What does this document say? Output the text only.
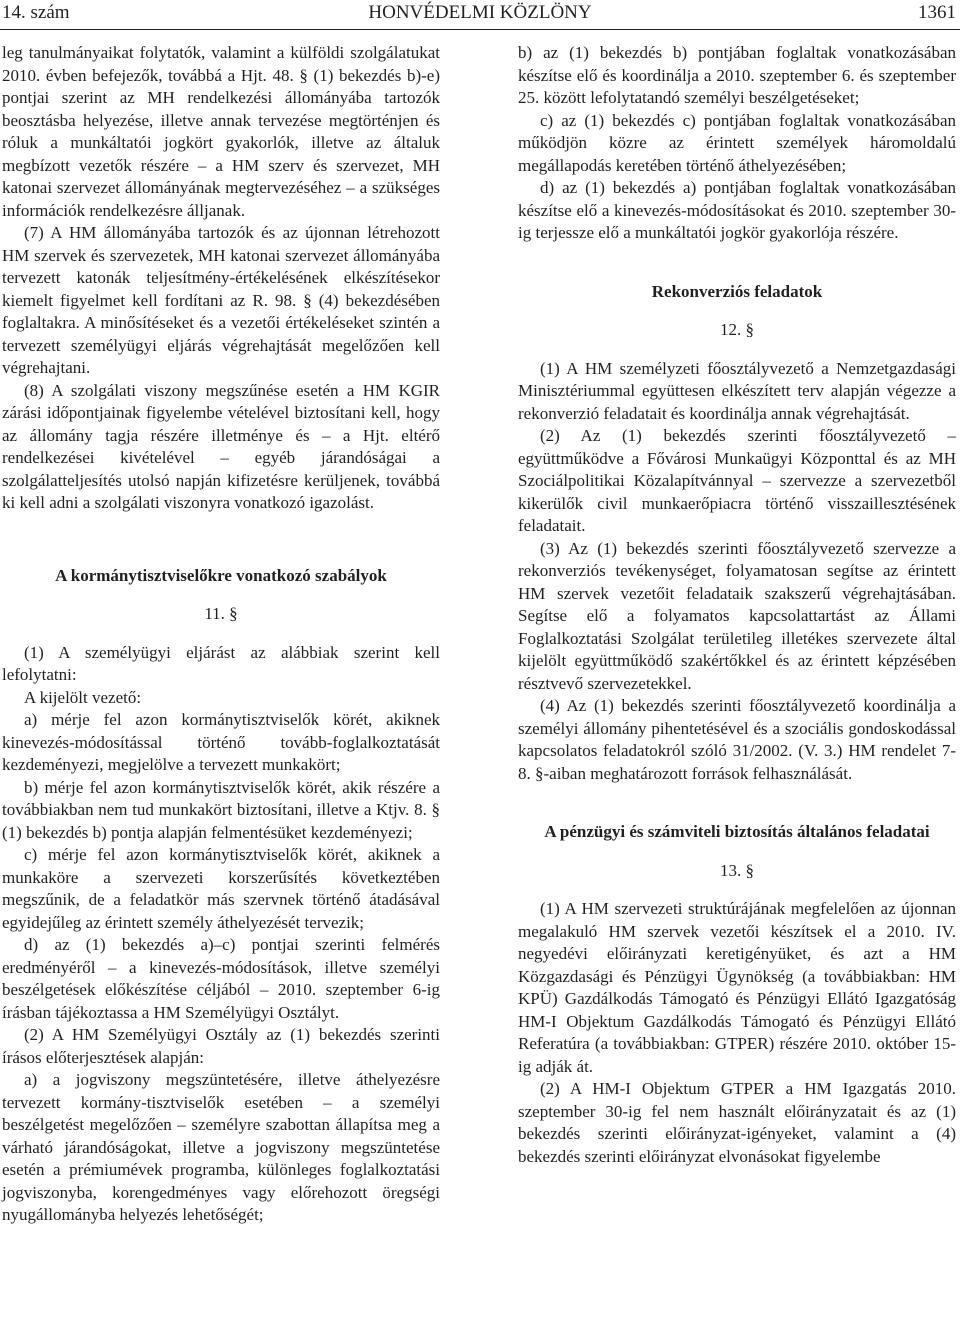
14. szám	HONVÉDELMI KÖZLÖNY	1361

leg tanulmányaikat folytatók, valamint a külföldi szolgálatukat 2010. évben befejezők, továbbá a Hjt. 48. § (1) bekezdés b)-e) pontjai szerint az MH rendelkezési állományába tartozók beosztásba helyezése, illetve annak tervezése megtörténjen és róluk a munkáltatói jogkört gyakorlók, illetve az általuk megbízott vezetők részére – a HM szerv és szervezet, MH katonai szervezet állományának megtervezéséhez – a szükséges információk rendelkezésre álljanak.

(7) A HM állományába tartozók és az újonnan létrehozott HM szervek és szervezetek, MH katonai szervezet állományába tervezett katonák teljesítmény-értékelésének elkészítésekor kiemelt figyelmet kell fordítani az R. 98. § (4) bekezdésében foglaltakra. A minősítéseket és a vezetői értékeléseket szintén a tervezett személyügyi eljárás végrehajtását megelőzően kell végrehajtani.

(8) A szolgálati viszony megszűnése esetén a HM KGIR zárási időpontjainak figyelembe vételével biztosítani kell, hogy az állomány tagja részére illetménye és – a Hjt. eltérő rendelkezései kivételével – egyéb járandóságai a szolgálatteljesítés utolsó napján kifizetésre kerüljenek, továbbá ki kell adni a szolgálati viszonyra vonatkozó igazolást.

A kormánytisztviselőkre vonatkozó szabályok

11. §

(1) A személyügyi eljárást az alábbiak szerint kell lefolytatni:

A kijelölt vezető:

a) mérje fel azon kormánytisztviselők körét, akiknek kinevezés-módosítással történő tovább-foglalkoztatását kezdeményezi, megjelölve a tervezett munkakört;

b) mérje fel azon kormánytisztviselők körét, akik részére a továbbiakban nem tud munkakört biztosítani, illetve a Ktjv. 8. § (1) bekezdés b) pontja alapján felmentésüket kezdeményezi;

c) mérje fel azon kormánytisztviselők körét, akiknek a munkaköre a szervezeti korszerűsítés következtében megszűnik, de a feladatkör más szervnek történő átadásával egyidejűleg az érintett személy áthelyezését tervezik;

d) az (1) bekezdés a)–c) pontjai szerinti felmérés eredményéről – a kinevezés-módosítások, illetve személyi beszélgetések előkészítése céljából – 2010. szeptember 6-ig írásban tájékoztassa a HM Személyügyi Osztályt.

(2) A HM Személyügyi Osztály az (1) bekezdés szerinti írásos előterjesztések alapján:

a) a jogviszony megszüntetésére, illetve áthelyezésre tervezett kormány-tisztviselők esetében – a személyi beszélgetést megelőzően – személyre szabottan állapítsa meg a várható járandóságokat, illetve a jogviszony megszüntetése esetén a prémiumévek programba, különleges foglalkoztatási jogviszonyba, korengedményes vagy előrehozott öregségi nyugállományba helyezés lehetőségét;

b) az (1) bekezdés b) pontjában foglaltak vonatkozásában készítse elő és koordinálja a 2010. szeptember 6. és szeptember 25. között lefolytatandó személyi beszélgetéseket;

c) az (1) bekezdés c) pontjában foglaltak vonatkozásában működjön közre az érintett személyek háromoldalú megállapodás keretében történő áthelyezésében;

d) az (1) bekezdés a) pontjában foglaltak vonatkozásában készítse elő a kinevezés-módosításokat és 2010. szeptember 30-ig terjessze elő a munkáltatói jogkör gyakorlója részére.

Rekonverziós feladatok

12. §

(1) A HM személyzeti főosztályvezető a Nemzetgazdasági Minisztériummal együttesen elkészített terv alapján végezze a rekonverzió feladatait és koordinálja annak végrehajtását.

(2) Az (1) bekezdés szerinti főosztályvezető – együttműködve a Fővárosi Munkaügyi Központtal és az MH Szociálpolitikai Közalapítvánnyal – szervezze a szervezetből kikerülők civil munkaerőpiacra történő visszaillesztésének feladatait.

(3) Az (1) bekezdés szerinti főosztályvezető szervezze a rekonverziós tevékenységet, folyamatosan segítse az érintett HM szervek vezetőit feladataik szakszerű végrehajtásában. Segítse elő a folyamatos kapcsolattartást az Állami Foglalkoztatási Szolgálat területileg illetékes szervezete által kijelölt együttműködő szakértőkkel és az érintett képzésében résztvevő szervezetekkel.

(4) Az (1) bekezdés szerinti főosztályvezető koordinálja a személyi állomány pihentetésével és a szociális gondoskodással kapcsolatos feladatokról szóló 31/2002. (V. 3.) HM rendelet 7-8. §-aiban meghatározott források felhasználását.

A pénzügyi és számviteli biztosítás általános feladatai

13. §

(1) A HM szervezeti struktúrájának megfelelően az újonnan megalakuló HM szervek vezetői készítsek el a 2010. IV. negyedévi előirányzati keretigényüket, és azt a HM Közgazdasági és Pénzügyi Ügynökség (a továbbiakban: HM KPÜ) Gazdálkodás Támogató és Pénzügyi Ellátó Igazgatóság HM-I Objektum Gazdálkodás Támogató és Pénzügyi Ellátó Referatúra (a továbbiakban: GTPER) részére 2010. október 15-ig adják át.

(2) A HM-I Objektum GTPER a HM Igazgatás 2010. szeptember 30-ig fel nem használt előirányzatait és az (1) bekezdés szerinti előirányzat-igényeket, valamint a (4) bekezdés szerinti előirányzat elvonásokat figyelembe
